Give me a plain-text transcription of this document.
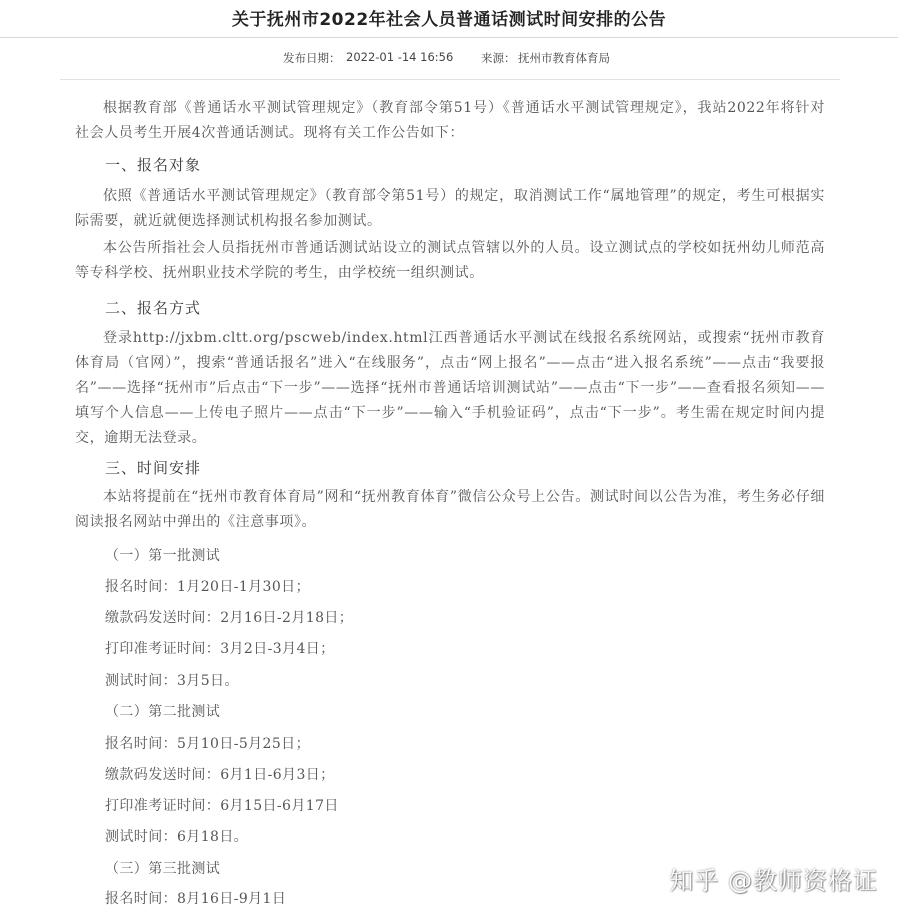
关于抚州市2022年社会人员普通话测试时间安排的公告
发布日期： 2022-01 -14 16:56 来源： 抚州市教育体育局

根据教育部《普通话水平测试管理规定》（教育部令第51号）《普通话水平测试管理规定》，我站2022年将针对社会人员考生开展4次普通话测试。现将有关工作公告如下：

一、报名对象

依照《普通话水平测试管理规定》（教育部令第51号）的规定，取消测试工作“属地管理”的规定，考生可根据实际需要，就近就便选择测试机构报名参加测试。

本公告所指社会人员指抚州市普通话测试站设立的测试点管辖以外的人员。设立测试点的学校如抚州幼儿师范高等专科学校、抚州职业技术学院的考生，由学校统一组织测试。

二、报名方式

登录http://jxbm.cltt.org/pscweb/index.html江西普通话水平测试在线报名系统网站，或搜索“抚州市教育体育局（官网）”，搜索“普通话报名”进入“在线服务”，点击“网上报名”——点击“进入报名系统”——点击“我要报名”——选择“抚州市”后点击“下一步”——选择“抚州市普通话培训测试站”——点击“下一步”——查看报名须知——填写个人信息——上传电子照片——点击“下一步”——输入“手机验证码”，点击“下一步”。考生需在规定时间内提交，逾期无法登录。

三、时间安排

本站将提前在“抚州市教育体育局”网和“抚州教育体育”微信公众号上公告。测试时间以公告为准，考生务必仔细阅读报名网站中弹出的《注意事项》。

（一）第一批测试
报名时间：1月20日-1月30日；
缴款码发送时间：2月16日-2月18日；
打印准考证时间：3月2日-3月4日；
测试时间：3月5日。
（二）第二批测试
报名时间：5月10日-5月25日；
缴款码发送时间：6月1日-6月3日；
打印准考证时间：6月15日-6月17日
测试时间：6月18日。
（三）第三批测试
报名时间：8月16日-9月1日
知乎 @教师资格证
